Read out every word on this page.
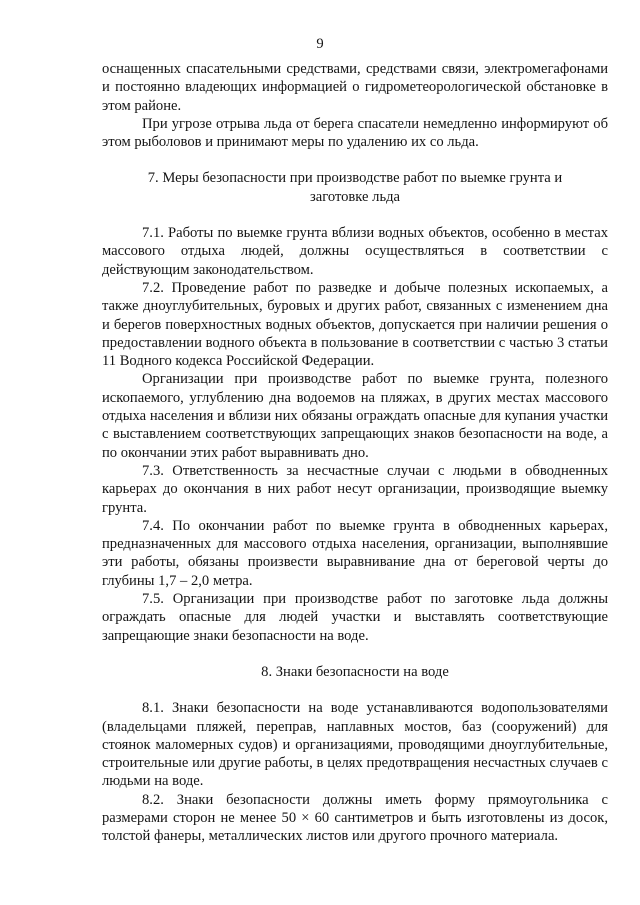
9

оснащенных спасательными средствами, средствами связи, электромегафонами и постоянно владеющих информацией о гидрометеорологической обстановке в этом районе.

При угрозе отрыва льда от берега спасатели немедленно информируют об этом рыболовов и принимают меры по удалению их со льда.

7. Меры безопасности при производстве работ по выемке грунта и заготовке льда

7.1. Работы по выемке грунта вблизи водных объектов, особенно в местах массового отдыха людей, должны осуществляться в соответствии с действующим законодательством.

7.2. Проведение работ по разведке и добыче полезных ископаемых, а также дноуглубительных, буровых и других работ, связанных с изменением дна и берегов поверхностных водных объектов, допускается при наличии решения о предоставлении водного объекта в пользование в соответствии с частью 3 статьи 11 Водного кодекса Российской Федерации.

Организации при производстве работ по выемке грунта, полезного ископаемого, углублению дна водоемов на пляжах, в других местах массового отдыха населения и вблизи них обязаны ограждать опасные для купания участки с выставлением соответствующих запрещающих знаков безопасности на воде, а по окончании этих работ выравнивать дно.

7.3. Ответственность за несчастные случаи с людьми в обводненных карьерах до окончания в них работ несут организации, производящие выемку грунта.

7.4. По окончании работ по выемке грунта в обводненных карьерах, предназначенных для массового отдыха населения, организации, выполнявшие эти работы, обязаны произвести выравнивание дна от береговой черты до глубины 1,7 – 2,0 метра.

7.5. Организации при производстве работ по заготовке льда должны ограждать опасные для людей участки и выставлять соответствующие запрещающие знаки безопасности на воде.

8. Знаки безопасности на воде

8.1. Знаки безопасности на воде устанавливаются водопользователями (владельцами пляжей, переправ, наплавных мостов, баз (сооружений) для стоянок маломерных судов) и организациями, проводящими дноуглубительные, строительные или другие работы, в целях предотвращения несчастных случаев с людьми на воде.

8.2. Знаки безопасности должны иметь форму прямоугольника с размерами сторон не менее 50 × 60 сантиметров и быть изготовлены из досок, толстой фанеры, металлических листов или другого прочного материала.
